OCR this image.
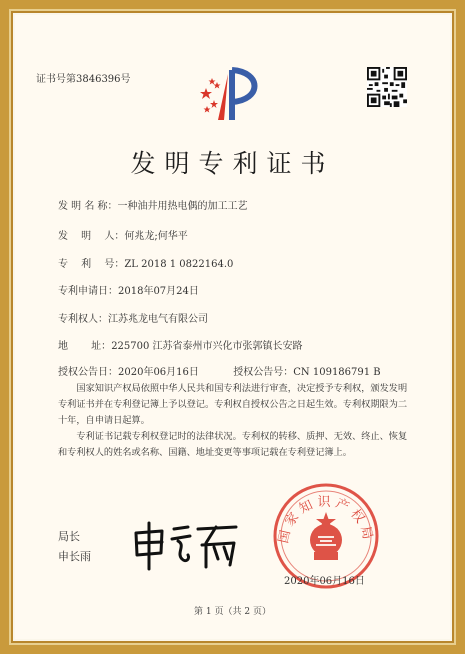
证书号第3846396号
发明专利证书
发 明 名 称：一种油井用热电偶的加工工艺
发　 明　 人：何兆龙;何华平
专　 利　 号：ZL 2018 1 0822164.0
专利申请日：2018年07月24日
专利权人：江苏兆龙电气有限公司
地　　 址：225700 江苏省泰州市兴化市张郭镇长安路
授权公告日：2020年06月16日	授权公告号：CN 109186791 B
国家知识产权局依照中华人民共和国专利法进行审查，决定授予专利权，颁发发明专利证书并在专利登记簿上予以登记。专利权自授权公告之日起生效。专利权期限为二十年，自申请日起算。
专利证书记载专利权登记时的法律状况。专利权的转移、质押、无效、终止、恢复和专利权人的姓名或名称、国籍、地址变更等事项记载在专利登记簿上。
局长
申长雨
国家知识产权局
2020年06月16日
第 1 页（共 2 页）
